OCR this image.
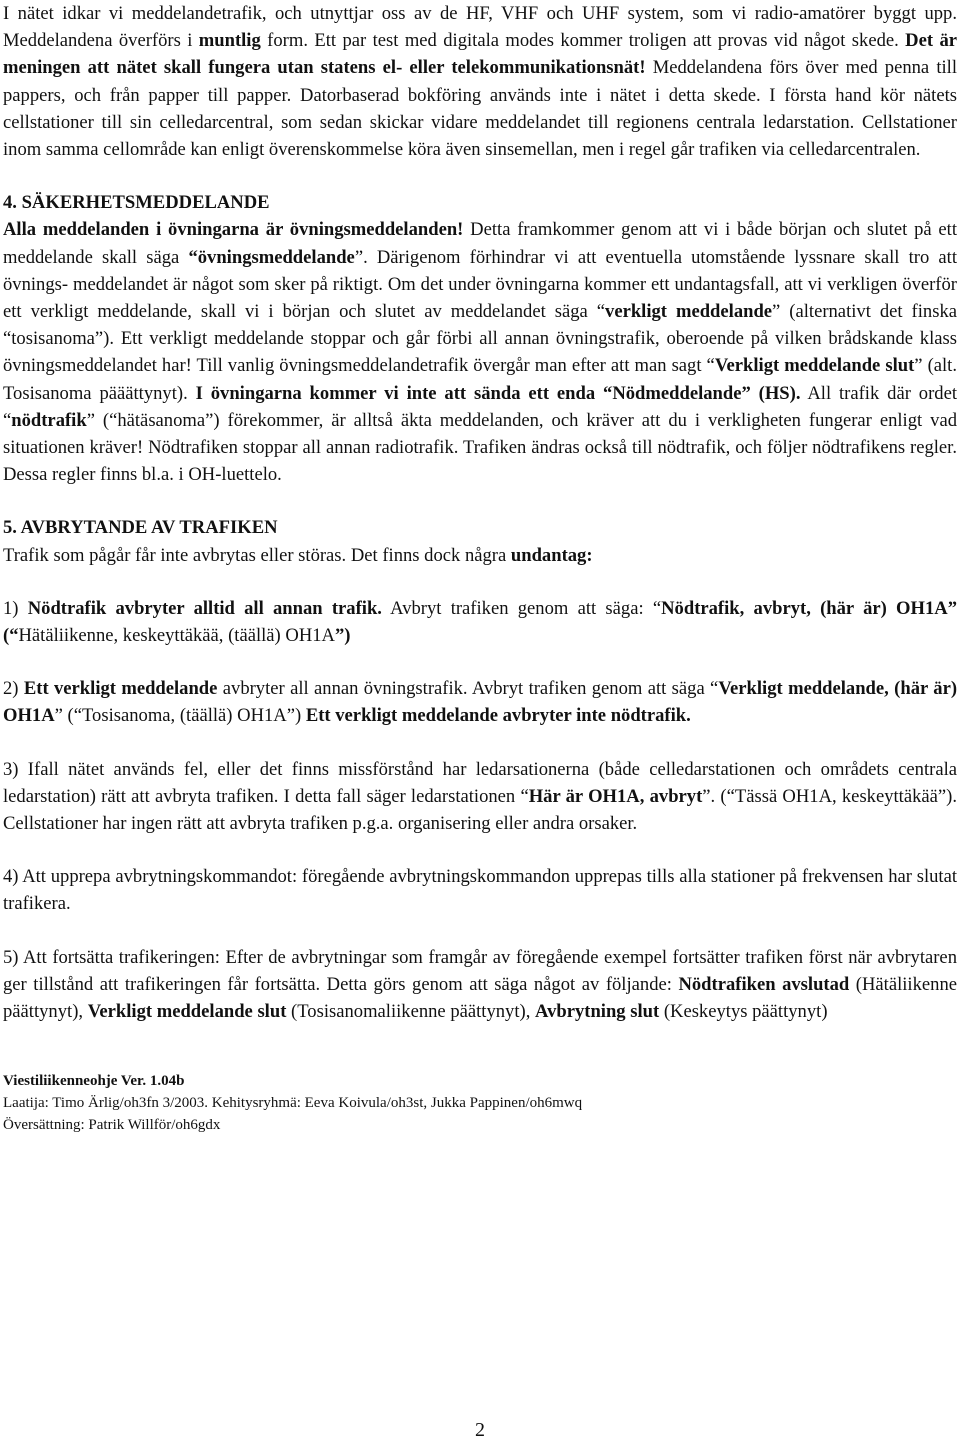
I nätet idkar vi meddelandetrafik, och utnyttjar oss av de HF, VHF och UHF system, som vi radio-amatörer byggt upp. Meddelandena överförs i muntlig form. Ett par test med digitala modes kommer troligen att provas vid något skede. Det är meningen att nätet skall fungera utan statens el- eller telekommunikationsnät! Meddelandena förs över med penna till pappers, och från papper till papper. Datorbaserad bokföring används inte i nätet i detta skede. I första hand kör nätets cellstationer till sin celledarcentral, som sedan skickar vidare meddelandet till regionens centrala ledarstation. Cellstationer inom samma cellområde kan enligt överenskommelse köra även sinsemellan, men i regel går trafiken via celledarcentralen.

4. SÄKERHETSMEDDELANDE

Alla meddelanden i övningarna är övningsmeddelanden! Detta framkommer genom att vi i både början och slutet på ett meddelande skall säga “övningsmeddelande”. Därigenom förhindrar vi att eventuella utomstående lyssnare skall tro att övnings- meddelandet är något som sker på riktigt. Om det under övningarna kommer ett undantagsfall, att vi verkligen överför ett verkligt meddelande, skall vi i början och slutet av meddelandet säga “verkligt meddelande” (alternativt det finska “tosisanoma”). Ett verkligt meddelande stoppar och går förbi all annan övningstrafik, oberoende på vilken brådskande klass övningsmeddelandet har! Till vanlig övningsmeddelandetrafik övergår man efter att man sagt “Verkligt meddelande slut” (alt. Tosisanoma pääättynyt). I övningarna kommer vi inte att sända ett enda “Nödmeddelande” (HS). All trafik där ordet “nödtrafik” (“hätäsanoma”) förekommer, är alltså äkta meddelanden, och kräver att du i verkligheten fungerar enligt vad situationen kräver! Nödtrafiken stoppar all annan radiotrafik. Trafiken ändras också till nödtrafik, och följer nödtrafikens regler. Dessa regler finns bl.a. i OH-luettelo.

5. AVBRYTANDE AV TRAFIKEN

Trafik som pågår får inte avbrytas eller störas. Det finns dock några undantag:

1) Nödtrafik avbryter alltid all annan trafik. Avbryt trafiken genom att säga: “Nödtrafik, avbryt, (här är) OH1A” (“Hätäliikenne, keskeyttäkää, (täällä) OH1A”)

2) Ett verkligt meddelande avbryter all annan övningstrafik. Avbryt trafiken genom att säga “Verkligt meddelande, (här är) OH1A” (“Tosisanoma, (täällä) OH1A”) Ett verkligt meddelande avbryter inte nödtrafik.

3) Ifall nätet används fel, eller det finns missförstånd har ledarsationerna (både celledarstationen och områdets centrala ledarstation) rätt att avbryta trafiken. I detta fall säger ledarstationen “Här är OH1A, avbryt”. (“Tässä OH1A, keskeyttäkää”). Cellstationer har ingen rätt att avbryta trafiken p.g.a. organisering eller andra orsaker.

4) Att upprepa avbrytningskommandot: föregående avbrytningskommandon upprepas tills alla stationer på frekvensen har slutat trafikera.

5) Att fortsätta trafikeringen: Efter de avbrytningar som framgår av föregående exempel fortsätter trafiken först när avbrytaren ger tillstånd att trafikeringen får fortsätta. Detta görs genom att säga något av följande: Nödtrafiken avslutad (Hätäliikenne päättynyt), Verkligt meddelande slut (Tosisanomaliikenne päättynyt), Avbrytning slut (Keskeytys päättynyt)

Viestiliikenneohje Ver. 1.04b
Laatija: Timo Ärlig/oh3fn 3/2003. Kehitysryhmä: Eeva Koivula/oh3st, Jukka Pappinen/oh6mwq
Översättning: Patrik Willför/oh6gdx
2
